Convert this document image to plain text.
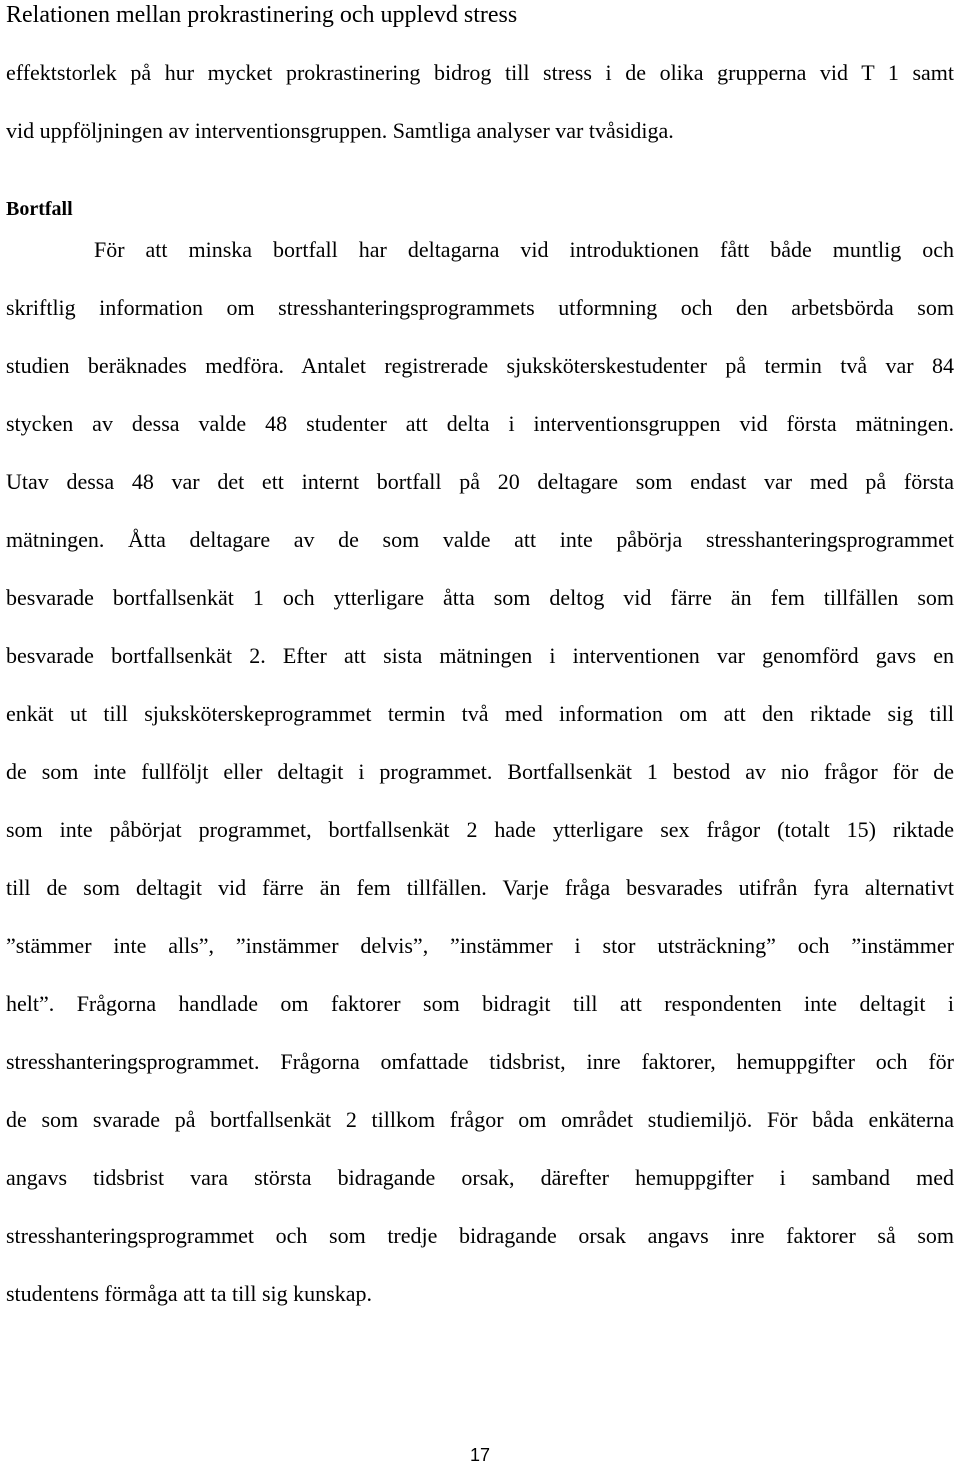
Relationen mellan prokrastinering och upplevd stress
effektstorlek på hur mycket prokrastinering bidrog till stress i de olika grupperna vid T 1 samt
vid uppföljningen av interventionsgruppen. Samtliga analyser var tvåsidiga.
Bortfall
För att minska bortfall har deltagarna vid introduktionen fått både muntlig och
skriftlig information om stresshanteringsprogrammets utformning och den arbetsbörda som
studien beräknades medföra. Antalet registrerade sjuksköterskestudenter på termin två var 84
stycken av dessa valde 48 studenter att delta i interventionsgruppen vid första mätningen.
Utav dessa 48 var det ett internt bortfall på 20 deltagare som endast var med på första
mätningen. Åtta deltagare av de som valde att inte påbörja stresshanteringsprogrammet
besvarade bortfallsenkät 1 och ytterligare åtta som deltog vid färre än fem tillfällen som
besvarade bortfallsenkät 2. Efter att sista mätningen i interventionen var genomförd gavs en
enkät ut till sjuksköterskeprogrammet termin två med information om att den riktade sig till
de som inte fullföljt eller deltagit i programmet. Bortfallsenkät 1 bestod av nio frågor för de
som inte påbörjat programmet, bortfallsenkät 2 hade ytterligare sex frågor (totalt 15) riktade
till de som deltagit vid färre än fem tillfällen. Varje fråga besvarades utifrån fyra alternativt
”stämmer inte alls”, ”instämmer delvis”, ”instämmer i stor utsträckning” och ”instämmer
helt”. Frågorna handlade om faktorer som bidragit till att respondenten inte deltagit i
stresshanteringsprogrammet. Frågorna omfattade tidsbrist, inre faktorer, hemuppgifter och för
de som svarade på bortfallsenkät 2 tillkom frågor om området studiemiljö. För båda enkäterna
angavs tidsbrist vara största bidragande orsak, därefter hemuppgifter i samband med
stresshanteringsprogrammet och som tredje bidragande orsak angavs inre faktorer så som
studentens förmåga att ta till sig kunskap.
17
